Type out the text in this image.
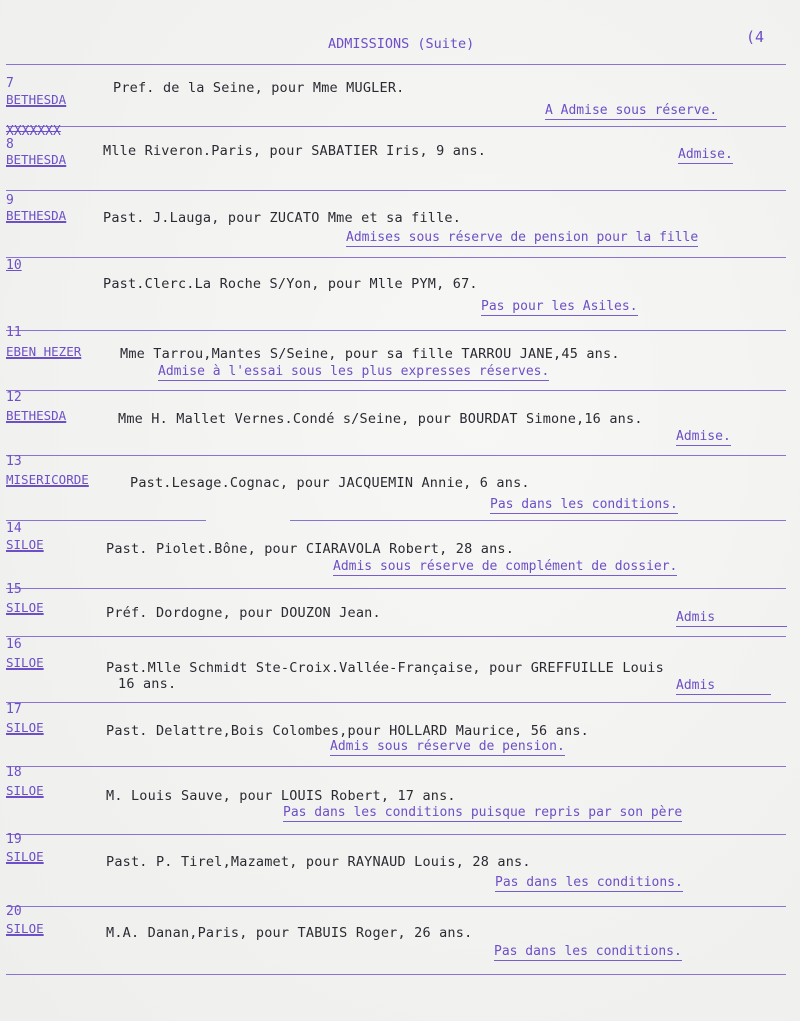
ADMISSIONS (Suite)	(4
7
BETHESDA
Pref. de la Seine, pour Mme MUGLER.
A Admise sous réserve.
XXXXXXX
8
BETHESDA
Mlle Riveron.Paris, pour SABATIER Iris, 9 ans.	Admise.
9
BETHESDA	Past. J.Lauga, pour ZUCATO Mme et sa fille.
Admises sous réserve de pension pour la fille
10
Past.Clerc.La Roche S/Yon, pour Mlle PYM, 67.
Pas pour les Asiles.
11
EBEN HEZER	Mme Tarrou,Mantes S/Seine, pour sa fille TARROU JANE,45 ans.
Admise à l'essai sous les plus expresses réserves.
12
BETHESDA	Mme H. Mallet Vernes.Condé s/Seine, pour BOURDAT Simone,16 ans.
Admise.
13
MISERICORDE	Past.Lesage.Cognac, pour JACQUEMIN Annie, 6 ans.
Pas dans les conditions.
14
SILOE	Past. Piolet.Bône, pour CIARAVOLA Robert, 28 ans.
Admis sous réserve de complément de dossier.
15
SILOE	Préf. Dordogne, pour DOUZON Jean.	Admis
16
SILOE	Past.Mlle Schmidt Ste-Croix.Vallée-Française, pour GREFFUILLE Louis
16 ans.	Admis
17
SILOE	Past. Delattre,Bois Colombes,pour HOLLARD Maurice, 56 ans.
Admis sous réserve de pension.
18
SILOE	M. Louis Sauve, pour LOUIS Robert, 17 ans.
Pas dans les conditions puisque repris par son père
19
SILOE	Past. P. Tirel,Mazamet, pour RAYNAUD Louis, 28 ans.
Pas dans les conditions.
20
SILOE	M.A. Danan,Paris, pour TABUIS Roger, 26 ans.
Pas dans les conditions.
